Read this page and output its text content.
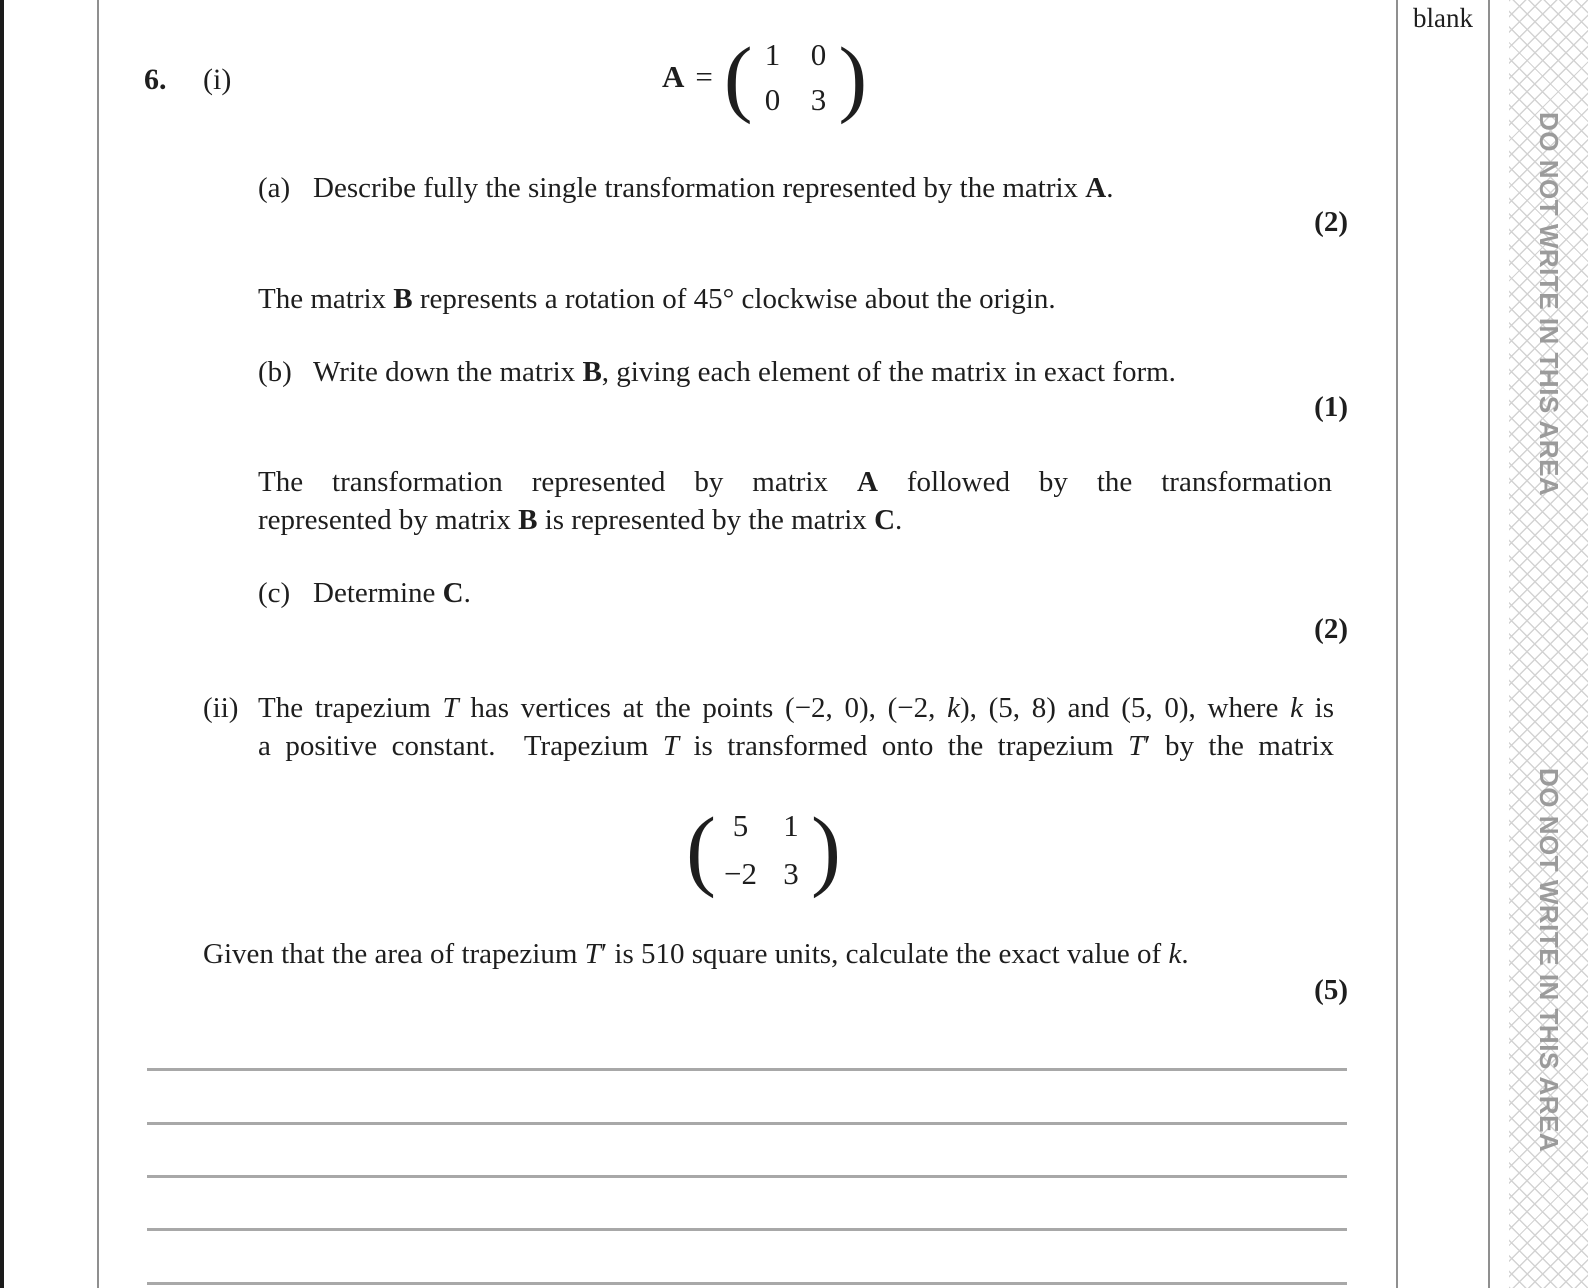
blank
DO NOT WRITE IN THIS AREA
DO NOT WRITE IN THIS AREA
6. (i)	A = ( 1 0
0 3 )
(a) Describe fully the single transformation represented by the matrix A.
(2)
The matrix B represents a rotation of 45° clockwise about the origin.
(b) Write down the matrix B, giving each element of the matrix in exact form.
(1)
The transformation represented by matrix A followed by the transformation
represented by matrix B is represented by the matrix C.
(c) Determine C.
(2)
(ii) The trapezium T has vertices at the points (−2, 0), (−2, k), (5, 8) and (5, 0), where k is
a positive constant.  Trapezium T is transformed onto the trapezium T′ by the matrix
( 5	1
−2 3 )
Given that the area of trapezium T′ is 510 square units, calculate the exact value of k.
(5)
